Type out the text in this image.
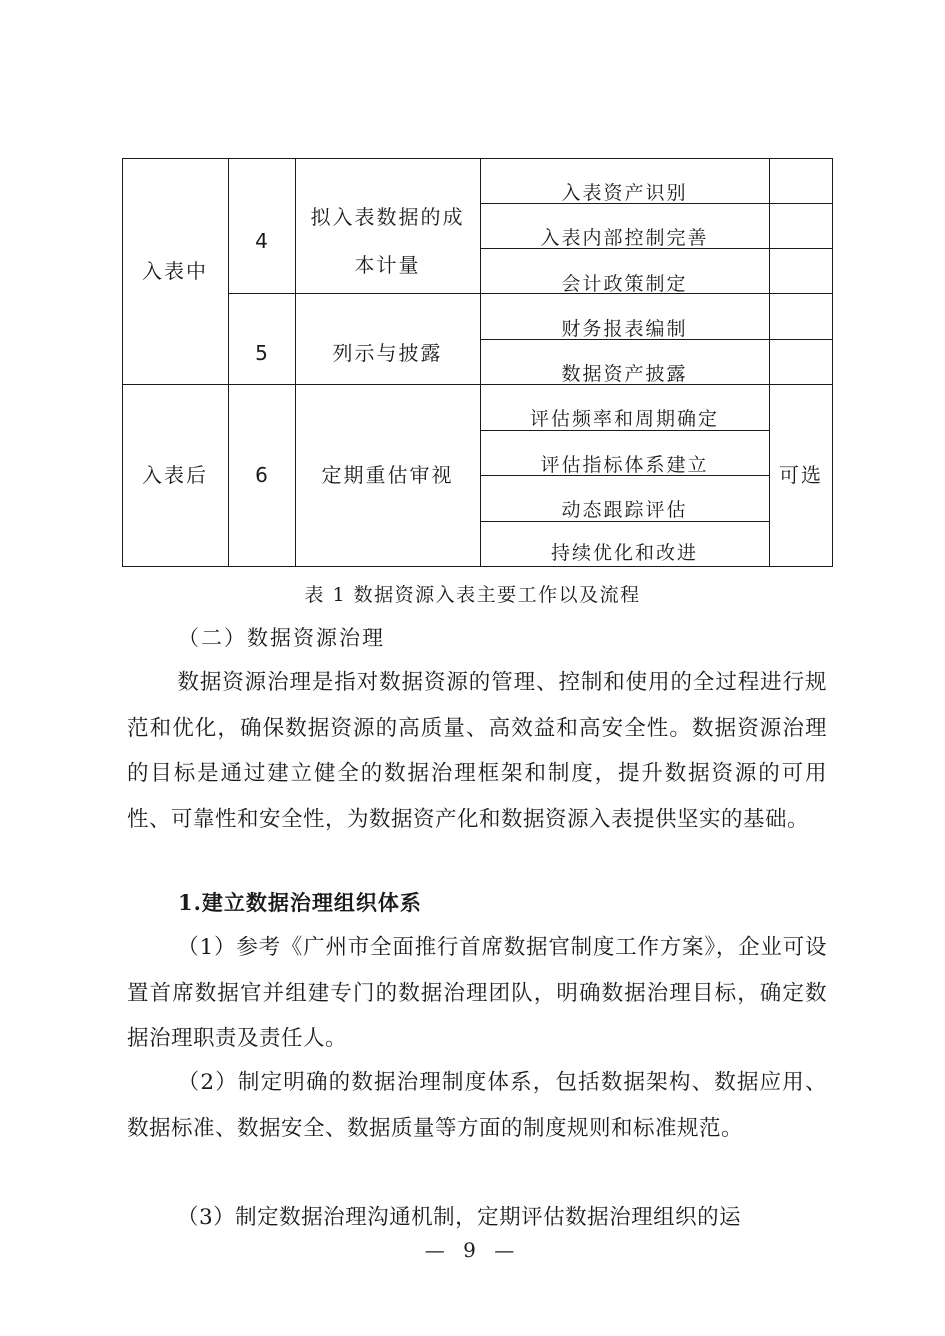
入表中
入表后
4
5
6
拟入表数据的成
本计量
列示与披露
定期重估审视
入表资产识别
入表内部控制完善
会计政策制定
财务报表编制
数据资产披露
评估频率和周期确定
评估指标体系建立
动态跟踪评估
持续优化和改进
可选
表 1 数据资源入表主要工作以及流程
（二）数据资源治理
数据资源治理是指对数据资源的管理、控制和使用的全过程进行规范和优化，确保数据资源的高质量、高效益和高安全性。数据资源治理的目标是通过建立健全的数据治理框架和制度，提升数据资源的可用性、可靠性和安全性，为数据资产化和数据资源入表提供坚实的基础。
1.建立数据治理组织体系
（1）参考《广州市全面推行首席数据官制度工作方案》，企业可设置首席数据官并组建专门的数据治理团队，明确数据治理目标，确定数据治理职责及责任人。
（2）制定明确的数据治理制度体系，包括数据架构、数据应用、数据标准、数据安全、数据质量等方面的制度规则和标准规范。
（3）制定数据治理沟通机制，定期评估数据治理组织的运
— 9 —
